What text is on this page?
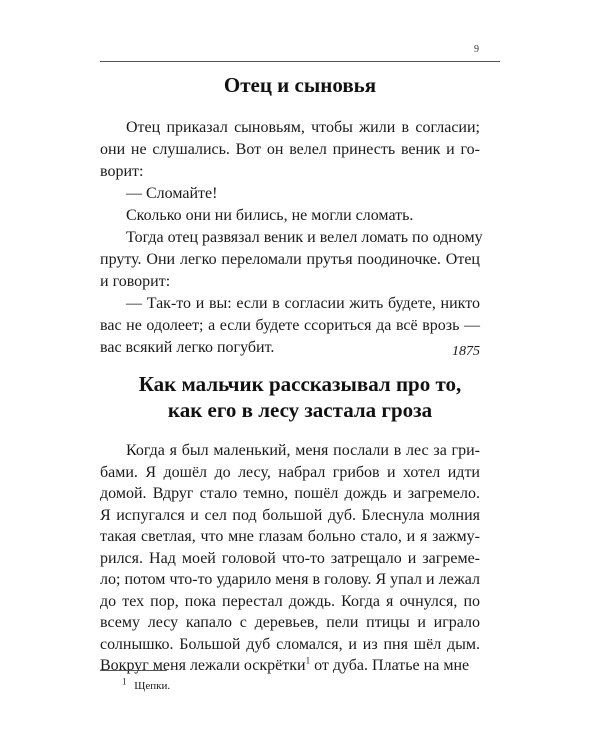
9
Отец и сыновья
Отец приказал сыновьям, чтобы жили в согласии;
они не слушались. Вот он велел принесть веник и го-
ворит:
— Сломайте!
Сколько они ни бились, не могли сломать.
Тогда отец развязал веник и велел ломать по одному
пруту. Они легко переломали прутья поодиночке. Отец
и говорит:
— Так-то и вы: если в согласии жить будете, никто
вас не одолеет; а если будете ссориться да всё врозь —
вас всякий легко погубит.	1875
Как мальчик рассказывал про то,
как его в лесу застала гроза
Когда я был маленький, меня послали в лес за гри-
бами. Я дошёл до лесу, набрал грибов и хотел идти
домой. Вдруг стало темно, пошёл дождь и загремело.
Я испугался и сел под большой дуб. Блеснула молния
такая светлая, что мне глазам больно стало, и я зажму-
рился. Над моей головой что-то затрещало и загреме-
ло; потом что-то ударило меня в голову. Я упал и лежал
до тех пор, пока перестал дождь. Когда я очнулся, по
всему лесу капало с деревьев, пели птицы и играло
солнышко. Большой дуб сломался, и из пня шёл дым.
Вокруг меня лежали оскрётки$^1$ от дуба. Платье на мне
$^1$ Щепки.
